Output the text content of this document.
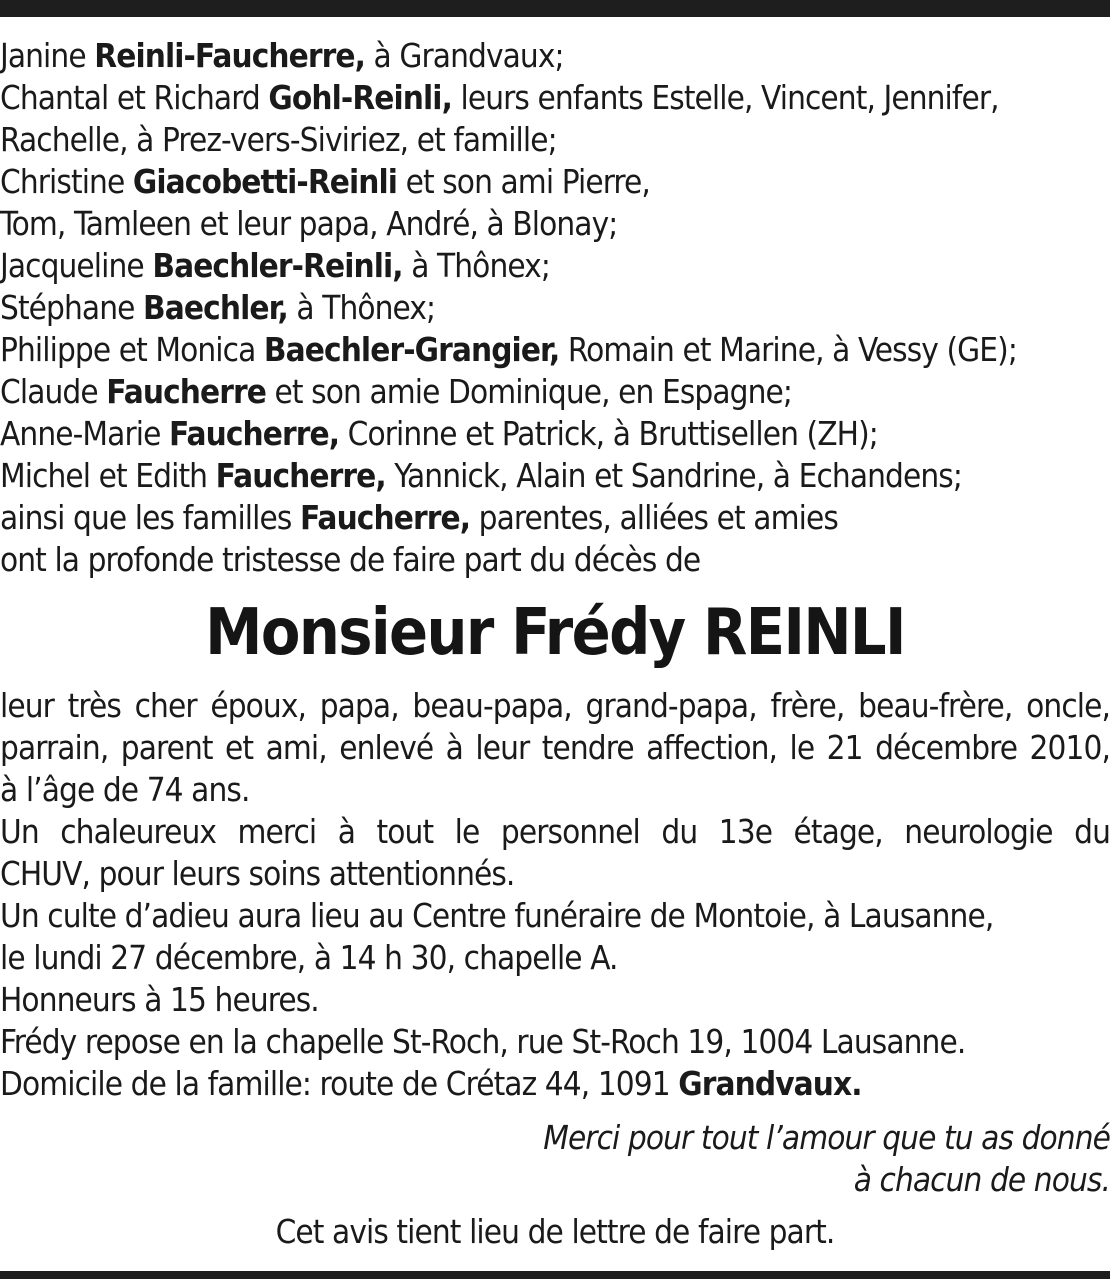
Janine Reinli-Faucherre, à Grandvaux;
Chantal et Richard Gohl-Reinli, leurs enfants Estelle, Vincent, Jennifer,
Rachelle, à Prez-vers-Siviriez, et famille;
Christine Giacobetti-Reinli et son ami Pierre,
Tom, Tamleen et leur papa, André, à Blonay;
Jacqueline Baechler-Reinli, à Thônex;
Stéphane Baechler, à Thônex;
Philippe et Monica Baechler-Grangier, Romain et Marine, à Vessy (GE);
Claude Faucherre et son amie Dominique, en Espagne;
Anne-Marie Faucherre, Corinne et Patrick, à Bruttisellen (ZH);
Michel et Edith Faucherre, Yannick, Alain et Sandrine, à Echandens;
ainsi que les familles Faucherre, parentes, alliées et amies
ont la profonde tristesse de faire part du décès de
Monsieur Frédy REINLI
leur très cher époux, papa, beau-papa, grand-papa, frère, beau-frère, oncle,
parrain, parent et ami, enlevé à leur tendre affection, le 21 décembre 2010,
à l’âge de 74 ans.
Un chaleureux merci à tout le personnel du 13e étage, neurologie du
CHUV, pour leurs soins attentionnés.
Un culte d’adieu aura lieu au Centre funéraire de Montoie, à Lausanne,
le lundi 27 décembre, à 14 h 30, chapelle A.
Honneurs à 15 heures.
Frédy repose en la chapelle St-Roch, rue St-Roch 19, 1004 Lausanne.
Domicile de la famille: route de Crétaz 44, 1091 Grandvaux.
Merci pour tout l’amour que tu as donné
à chacun de nous.
Cet avis tient lieu de lettre de faire part.
